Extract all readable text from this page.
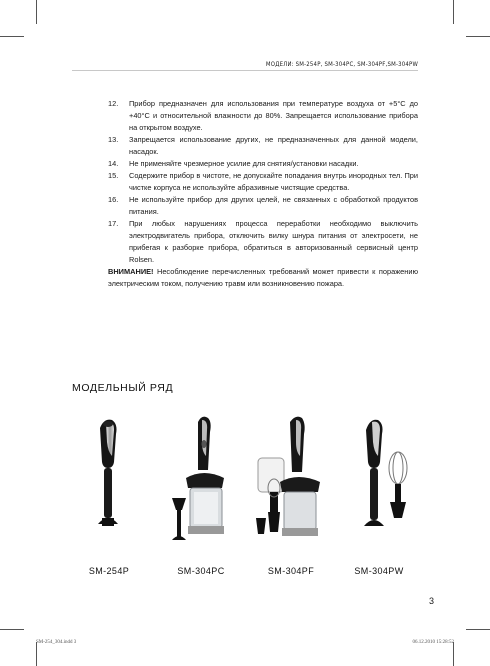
МОДЕЛИ: SM-254P, SM-304PC, SM-304PF,SM-304PW
12.	Прибор предназначен для использования при температуре воздуха от +5°C до +40°C и относительной влажности до 80%. Запрещается использование прибора на открытом воздухе.
13.	Запрещается использование других, не предназначенных для данной модели, насадок.
14.	Не применяйте чрезмерное усилие для снятия/установки насадки.
15.	Содержите прибор в чистоте, не допускайте попадания внутрь инородных тел. При чистке корпуса не используйте абразивные чистящие средства.
16.	Не используйте прибор для других целей, не связанных с обработкой продуктов питания.
17.	При любых нарушениях процесса переработки необходимо выключить электродвигатель прибора, отключить вилку шнура питания от электросети, не прибегая к разборке прибора, обратиться в авторизованный сервисный центр Rolsen.
ВНИМАНИЕ! Несоблюдение перечисленных требований может привести к поражению электрическим током, получению травм или возникновению пожара.
МОДЕЛЬНЫЙ РЯД
SM-254P	SM-304PC	SM-304PF	SM-304PW
3
SM-254_304.indd 3	06.12.2010 15:28:52
